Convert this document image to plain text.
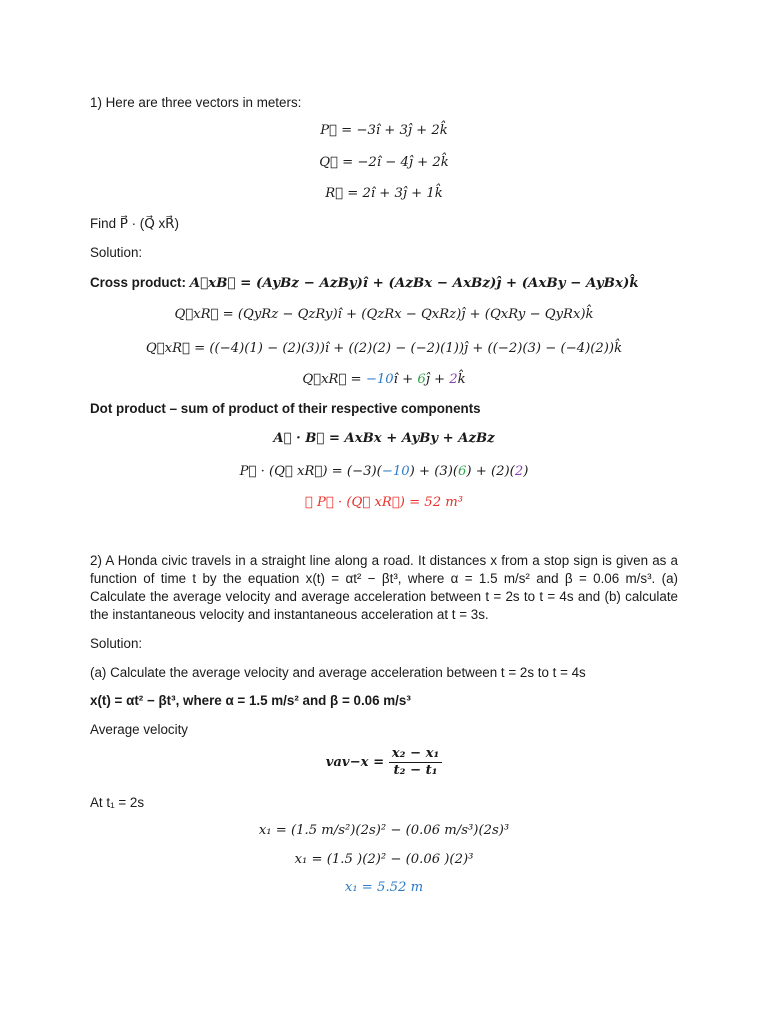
1) Here are three vectors in meters:
P⃗ = −3î + 3ĵ + 2k̂
Q⃗ = −2î − 4ĵ + 2k̂
R⃗ = 2î + 3ĵ + 1k̂
Find P⃗ · (Q⃗ xR⃗)
Solution:
Cross product: A⃗xB⃗ = (AyBz − AzBy)î + (AzBx − AxBz)ĵ + (AxBy − AyBx)k̂
Q⃗xR⃗ = (QyRz − QzRy)î + (QzRx − QxRz)ĵ + (QxRy − QyRx)k̂
Q⃗xR⃗ = ((−4)(1) − (2)(3))î + ((2)(2) − (−2)(1))ĵ + ((−2)(3) − (−4)(2))k̂
Q⃗xR⃗ = −10î + 6ĵ + 2k̂
Dot product – sum of product of their respective components
A⃗ · B⃗ = AxBx + AyBy + AzBz
P⃗ · (Q⃗ xR⃗) = (−3)(−10) + (3)(6) + (2)(2)
∴ P⃗ · (Q⃗ xR⃗) = 52 m³
2) A Honda civic travels in a straight line along a road. It distances x from a stop sign is given as a function of time t by the equation x(t) = αt² − βt³, where α = 1.5 m/s² and β = 0.06 m/s³. (a) Calculate the average velocity and average acceleration between t = 2s to t = 4s and (b) calculate the instantaneous velocity and instantaneous acceleration at t = 3s.
Solution:
(a) Calculate the average velocity and average acceleration between t = 2s to t = 4s
x(t) = αt² − βt³, where α = 1.5 m/s² and β = 0.06 m/s³
Average velocity
$vav-x = \frac{\text{x₂ − x₁}}{\text{t₂ − t₁}}$
At t₁ = 2s
x₁ = (1.5 m/s²)(2s)² − (0.06 m/s³)(2s)³
x₁ = (1.5 )(2)² − (0.06 )(2)³
x₁ = 5.52 m
